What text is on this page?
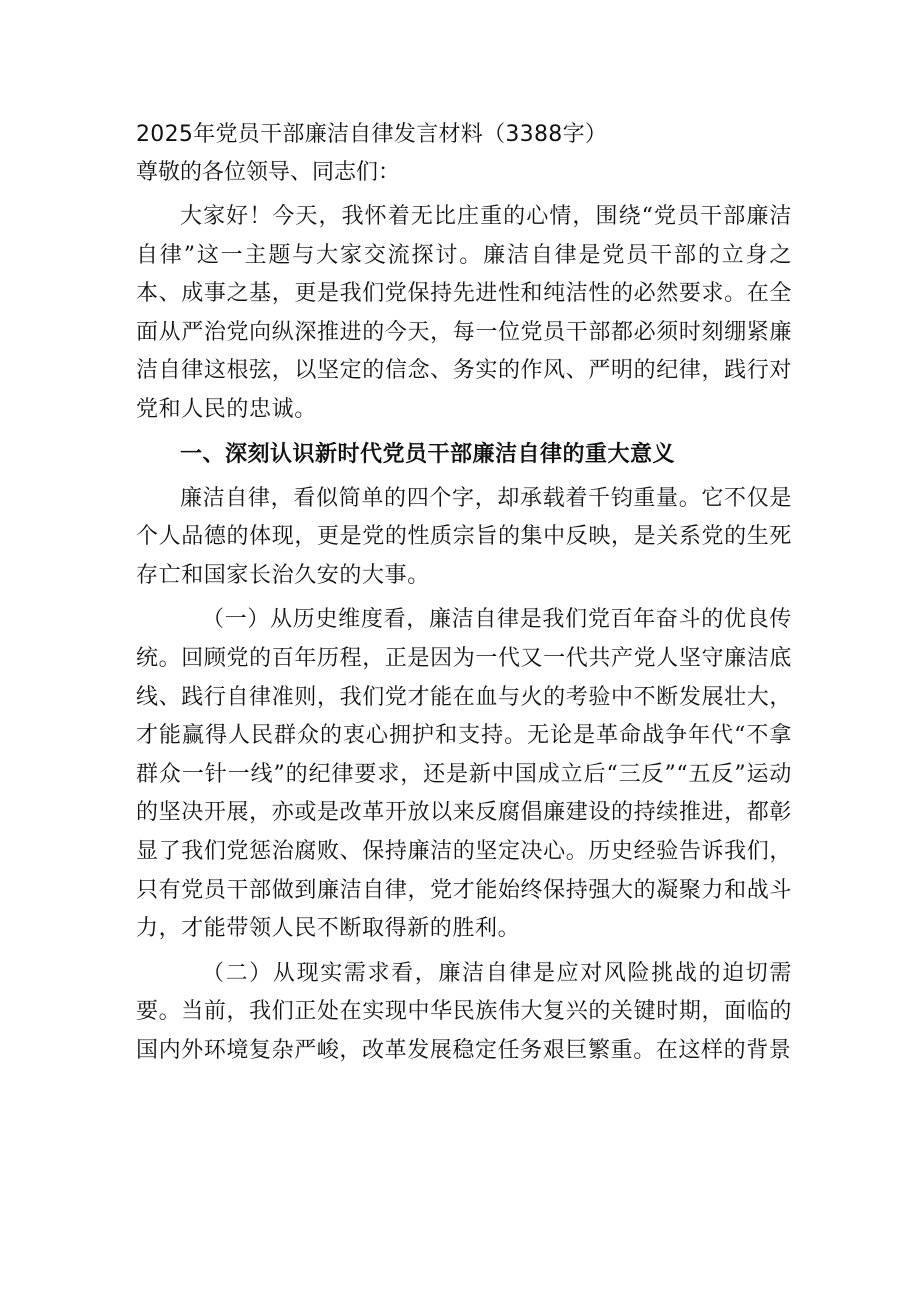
2025年党员干部廉洁自律发言材料（3388字）

尊敬的各位领导、同志们：

大家好！今天，我怀着无比庄重的心情，围绕“党员干部廉洁自律”这一主题与大家交流探讨。廉洁自律是党员干部的立身之本、成事之基，更是我们党保持先进性和纯洁性的必然要求。在全面从严治党向纵深推进的今天，每一位党员干部都必须时刻绷紧廉洁自律这根弦，以坚定的信念、务实的作风、严明的纪律，践行对党和人民的忠诚。

一、深刻认识新时代党员干部廉洁自律的重大意义

廉洁自律，看似简单的四个字，却承载着千钧重量。它不仅是个人品德的体现，更是党的性质宗旨的集中反映，是关系党的生死存亡和国家长治久安的大事。

（一）从历史维度看，廉洁自律是我们党百年奋斗的优良传统。回顾党的百年历程，正是因为一代又一代共产党人坚守廉洁底线、践行自律准则，我们党才能在血与火的考验中不断发展壮大，才能赢得人民群众的衷心拥护和支持。无论是革命战争年代“不拿群众一针一线”的纪律要求，还是新中国成立后“三反”“五反”运动的坚决开展，亦或是改革开放以来反腐倡廉建设的持续推进，都彰显了我们党惩治腐败、保持廉洁的坚定决心。历史经验告诉我们，只有党员干部做到廉洁自律，党才能始终保持强大的凝聚力和战斗力，才能带领人民不断取得新的胜利。

（二）从现实需求看，廉洁自律是应对风险挑战的迫切需要。当前，我们正处在实现中华民族伟大复兴的关键时期，面临的国内外环境复杂严峻，改革发展稳定任务艰巨繁重。在这样的背景
